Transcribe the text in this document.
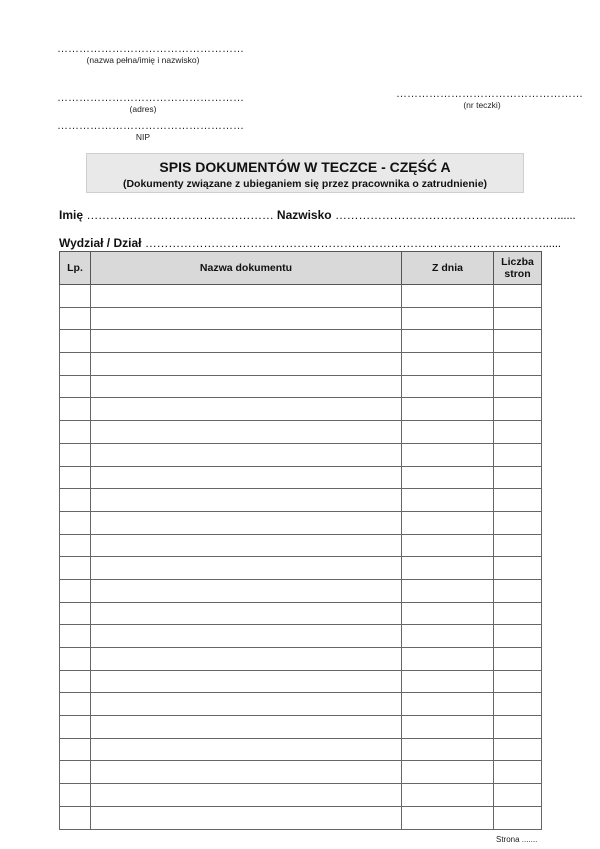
……………………………………………
(nazwa pełna/imię i nazwisko)
……………………………………………
(adres)
……………………………………………
NIP
……………………………………………
(nr teczki)
SPIS DOKUMENTÓW W TECZCE - CZĘŚĆ A
(Dokumenty związane z ubieganiem się przez pracownika o zatrudnienie)
Imię ………………………………………… Nazwisko …………………………………………………......
Wydział / Dział …………………………………………………………………………………………......
Lp.	Nazwa dokumentu	Z dnia	Liczba
stron

Strona .......
